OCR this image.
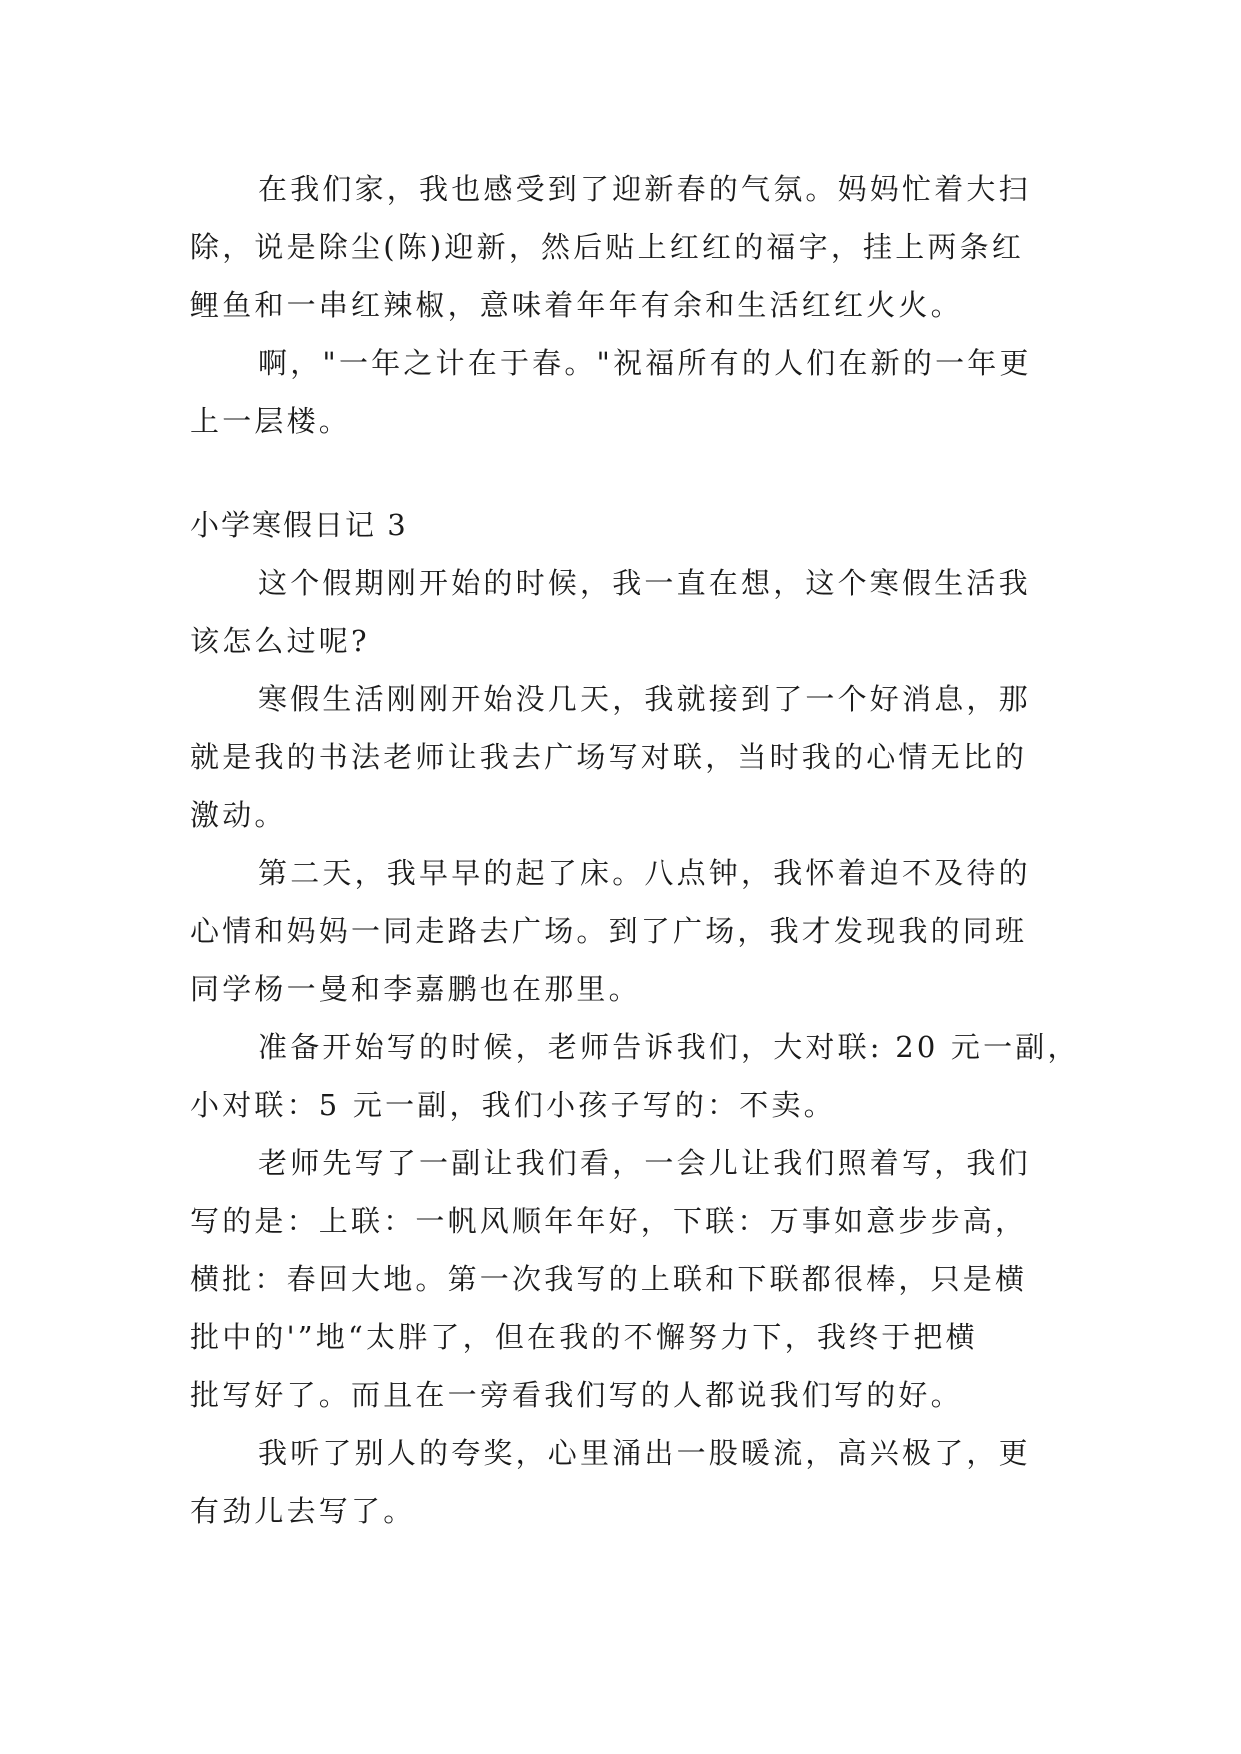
在我们家，我也感受到了迎新春的气氛。妈妈忙着大扫
除，说是除尘(陈)迎新，然后贴上红红的福字，挂上两条红
鲤鱼和一串红辣椒，意味着年年有余和生活红红火火。
啊，"一年之计在于春。"祝福所有的人们在新的一年更
上一层楼。
小学寒假日记 3
这个假期刚开始的时候，我一直在想，这个寒假生活我
该怎么过呢?
寒假生活刚刚开始没几天，我就接到了一个好消息，那
就是我的书法老师让我去广场写对联，当时我的心情无比的
激动。
第二天，我早早的起了床。八点钟，我怀着迫不及待的
心情和妈妈一同走路去广场。到了广场，我才发现我的同班
同学杨一曼和李嘉鹏也在那里。
准备开始写的时候，老师告诉我们，大对联: 20 元一副，
小对联：5 元一副，我们小孩子写的：不卖。
老师先写了一副让我们看，一会儿让我们照着写，我们
写的是：上联：一帆风顺年年好，下联：万事如意步步高，
横批：春回大地。第一次我写的上联和下联都很棒，只是横
批中的'”地“太胖了，但在我的不懈努力下，我终于把横
批写好了。而且在一旁看我们写的人都说我们写的好。
我听了别人的夸奖，心里涌出一股暖流，高兴极了，更
有劲儿去写了。
